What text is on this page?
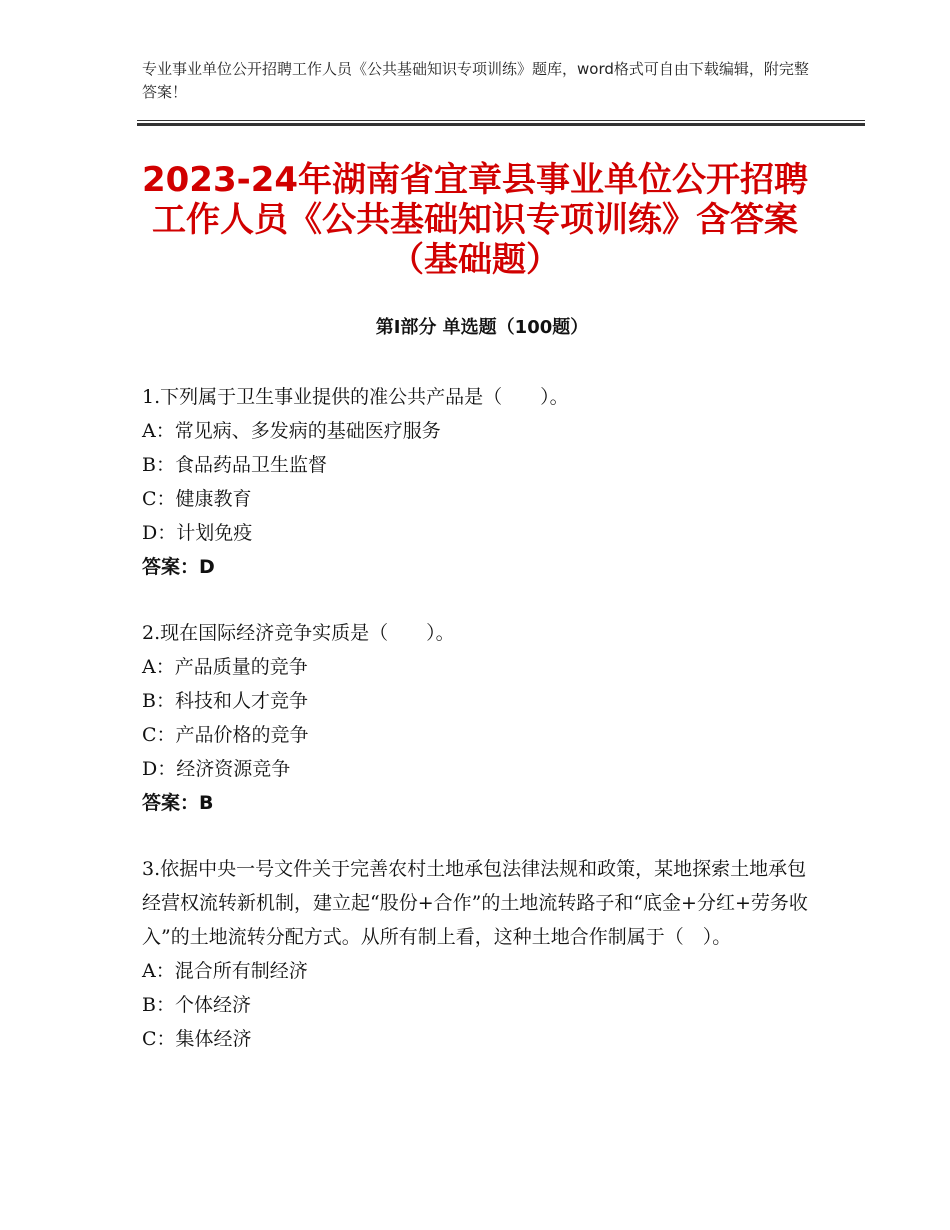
专业事业单位公开招聘工作人员《公共基础知识专项训练》题库，word格式可自由下载编辑，附完整答案！
2023-24年湖南省宜章县事业单位公开招聘
工作人员《公共基础知识专项训练》含答案
（基础题）
第Ⅰ部分 单选题（100题）

1.下列属于卫生事业提供的准公共产品是（　　）。

A：常见病、多发病的基础医疗服务

B：食品药品卫生监督

C：健康教育

D：计划免疫

答案：D

2.现在国际经济竞争实质是（　　）。

A：产品质量的竞争

B：科技和人才竞争

C：产品价格的竞争

D：经济资源竞争

答案：B

3.依据中央一号文件关于完善农村土地承包法律法规和政策，某地探索土地承包经营权流转新机制，建立起“股份+合作”的土地流转路子和“底金+分红+劳务收入”的土地流转分配方式。从所有制上看，这种土地合作制属于（　）。

A：混合所有制经济

B：个体经济

C：集体经济
